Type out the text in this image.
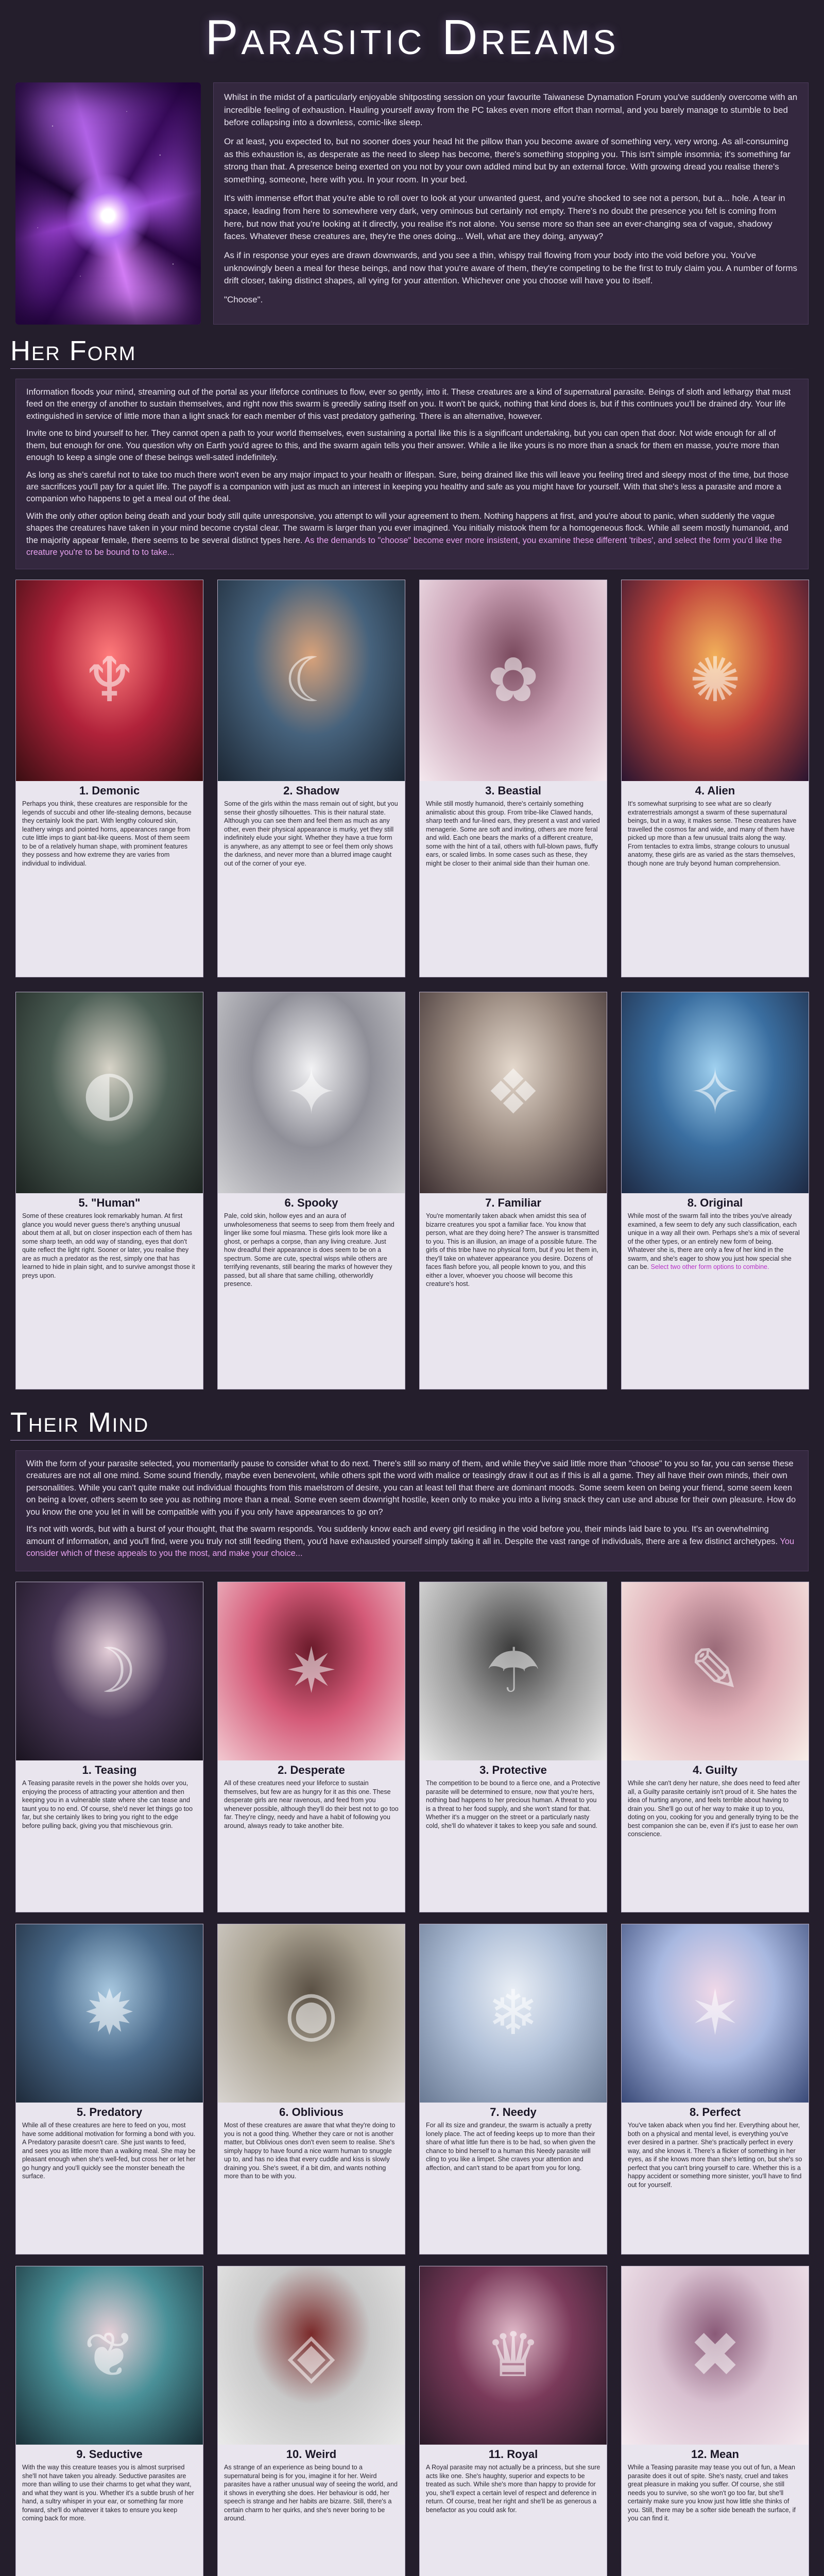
Parasitic Dreams

Whilst in the midst of a particularly enjoyable shitposting session on your favourite Taiwanese Dynamation Forum you've suddenly overcome with an incredible feeling of exhaustion. Hauling yourself away from the PC takes even more effort than normal, and you barely manage to stumble to bed before collapsing into a downless, comic-like sleep.

Or at least, you expected to, but no sooner does your head hit the pillow than you become aware of something very, very wrong. As all-consuming as this exhaustion is, as desperate as the need to sleep has become, there's something stopping you. This isn't simple insomnia; it's something far strong than that. A presence being exerted on you not by your own addled mind but by an external force. With growing dread you realise there's something, someone, here with you. In your room. In your bed.

It's with immense effort that you're able to roll over to look at your unwanted guest, and you're shocked to see not a person, but a... hole. A tear in space, leading from here to somewhere very dark, very ominous but certainly not empty. There's no doubt the presence you felt is coming from here, but now that you're looking at it directly, you realise it's not alone. You sense more so than see an ever-changing sea of vague, shadowy faces. Whatever these creatures are, they're the ones doing... Well, what are they doing, anyway?

As if in response your eyes are drawn downwards, and you see a thin, whispy trail flowing from your body into the void before you. You've unknowingly been a meal for these beings, and now that you're aware of them, they're competing to be the first to truly claim you. A number of forms drift closer, taking distinct shapes, all vying for your attention. Whichever one you choose will have you to itself.

"Choose".

Her Form

Information floods your mind, streaming out of the portal as your lifeforce continues to flow, ever so gently, into it. These creatures are a kind of supernatural parasite. Beings of sloth and lethargy that must feed on the energy of another to sustain themselves, and right now this swarm is greedily sating itself on you. It won't be quick, nothing that kind does is, but if this continues you'll be drained dry. Your life extinguished in service of little more than a light snack for each member of this vast predatory gathering. There is an alternative, however.

Invite one to bind yourself to her. They cannot open a path to your world themselves, even sustaining a portal like this is a significant undertaking, but you can open that door. Not wide enough for all of them, but enough for one. You question why on Earth you'd agree to this, and the swarm again tells you their answer. While a lie like yours is no more than a snack for them en masse, you're more than enough to keep a single one of these beings well-sated indefinitely.

As long as she's careful not to take too much there won't even be any major impact to your health or lifespan. Sure, being drained like this will leave you feeling tired and sleepy most of the time, but those are sacrifices you'll pay for a quiet life. The payoff is a companion with just as much an interest in keeping you healthy and safe as you might have for yourself. With that she's less a parasite and more a companion who happens to get a meal out of the deal.

With the only other option being death and your body still quite unresponsive, you attempt to will your agreement to them. Nothing happens at first, and you're about to panic, when suddenly the vague shapes the creatures have taken in your mind become crystal clear. The swarm is larger than you ever imagined. You initially mistook them for a homogeneous flock. While all seem mostly humanoid, and the majority appear female, there seems to be several distinct types here. As the demands to "choose" become ever more insistent, you examine these different 'tribes', and select the form you'd like the creature you're to be bound to to take...

♆
1. Demonic
Perhaps you think, these creatures are responsible for the legends of succubi and other life-stealing demons, because they certainly look the part. With lengthy coloured skin, leathery wings and pointed horns, appearances range from cute little imps to giant bat-like queens. Most of them seem to be of a relatively human shape, with prominent features they possess and how extreme they are varies from individual to individual.
☾
2. Shadow
Some of the girls within the mass remain out of sight, but you sense their ghostly silhouettes. This is their natural state. Although you can see them and feel them as much as any other, even their physical appearance is murky, yet they still indefinitely elude your sight. Whether they have a true form is anywhere, as any attempt to see or feel them only shows the darkness, and never more than a blurred image caught out of the corner of your eye.
✿
3. Beastial
While still mostly humanoid, there's certainly something animalistic about this group. From tribe-like Clawed hands, sharp teeth and fur-lined ears, they present a vast and varied menagerie. Some are soft and inviting, others are more feral and wild. Each one bears the marks of a different creature, some with the hint of a tail, others with full-blown paws, fluffy ears, or scaled limbs. In some cases such as these, they might be closer to their animal side than their human one.
✺
4. Alien
It's somewhat surprising to see what are so clearly extraterrestrials amongst a swarm of these supernatural beings, but in a way, it makes sense. These creatures have travelled the cosmos far and wide, and many of them have picked up more than a few unusual traits along the way. From tentacles to extra limbs, strange colours to unusual anatomy, these girls are as varied as the stars themselves, though none are truly beyond human comprehension.
◐
5. "Human"
Some of these creatures look remarkably human. At first glance you would never guess there's anything unusual about them at all, but on closer inspection each of them has some sharp teeth, an odd way of standing, eyes that don't quite reflect the light right. Sooner or later, you realise they are as much a predator as the rest, simply one that has learned to hide in plain sight, and to survive amongst those it preys upon.
✦
6. Spooky
Pale, cold skin, hollow eyes and an aura of unwholesomeness that seems to seep from them freely and linger like some foul miasma. These girls look more like a ghost, or perhaps a corpse, than any living creature. Just how dreadful their appearance is does seem to be on a spectrum. Some are cute, spectral wisps while others are terrifying revenants, still bearing the marks of however they passed, but all share that same chilling, otherworldly presence.
❖
7. Familiar
You're momentarily taken aback when amidst this sea of bizarre creatures you spot a familiar face. You know that person, what are they doing here? The answer is transmitted to you. This is an illusion, an image of a possible future. The girls of this tribe have no physical form, but if you let them in, they'll take on whatever appearance you desire. Dozens of faces flash before you, all people known to you, and this either a lover, whoever you choose will become this creature's host.
✧
8. Original
While most of the swarm fall into the tribes you've already examined, a few seem to defy any such classification, each unique in a way all their own. Perhaps she's a mix of several of the other types, or an entirely new form of being. Whatever she is, there are only a few of her kind in the swarm, and she's eager to show you just how special she can be. Select two other form options to combine.
Their Mind

With the form of your parasite selected, you momentarily pause to consider what to do next. There's still so many of them, and while they've said little more than "choose" to you so far, you can sense these creatures are not all one mind. Some sound friendly, maybe even benevolent, while others spit the word with malice or teasingly draw it out as if this is all a game. They all have their own minds, their own personalities. While you can't quite make out individual thoughts from this maelstrom of desire, you can at least tell that there are dominant moods. Some seem keen on being your friend, some seem keen on being a lover, others seem to see you as nothing more than a meal. Some even seem downright hostile, keen only to make you into a living snack they can use and abuse for their own pleasure. How do you know the one you let in will be compatible with you if you only have appearances to go on?

It's not with words, but with a burst of your thought, that the swarm responds. You suddenly know each and every girl residing in the void before you, their minds laid bare to you. It's an overwhelming amount of information, and you'll find, were you truly not still feeding them, you'd have exhausted yourself simply taking it all in. Despite the vast range of individuals, there are a few distinct archetypes. You consider which of these appeals to you the most, and make your choice...

☽
1. Teasing
A Teasing parasite revels in the power she holds over you, enjoying the process of attracting your attention and then keeping you in a vulnerable state where she can tease and taunt you to no end. Of course, she'd never let things go too far, but she certainly likes to bring you right to the edge before pulling back, giving you that mischievous grin.
✷
2. Desperate
All of these creatures need your lifeforce to sustain themselves, but few are as hungry for it as this one. These desperate girls are near ravenous, and feed from you whenever possible, although they'll do their best not to go too far. They're clingy, needy and have a habit of following you around, always ready to take another bite.
☂
3. Protective
The competition to be bound to a fierce one, and a Protective parasite will be determined to ensure, now that you're hers, nothing bad happens to her precious human. A threat to you is a threat to her food supply, and she won't stand for that. Whether it's a mugger on the street or a particularly nasty cold, she'll do whatever it takes to keep you safe and sound.
✎
4. Guilty
While she can't deny her nature, she does need to feed after all, a Guilty parasite certainly isn't proud of it. She hates the idea of hurting anyone, and feels terrible about having to drain you. She'll go out of her way to make it up to you, doting on you, cooking for you and generally trying to be the best companion she can be, even if it's just to ease her own conscience.
✹
5. Predatory
While all of these creatures are here to feed on you, most have some additional motivation for forming a bond with you. A Predatory parasite doesn't care. She just wants to feed, and sees you as little more than a walking meal. She may be pleasant enough when she's well-fed, but cross her or let her go hungry and you'll quickly see the monster beneath the surface.
◉
6. Oblivious
Most of these creatures are aware that what they're doing to you is not a good thing. Whether they care or not is another matter, but Oblivious ones don't even seem to realise. She's simply happy to have found a nice warm human to snuggle up to, and has no idea that every cuddle and kiss is slowly draining you. She's sweet, if a bit dim, and wants nothing more than to be with you.
❄
7. Needy
For all its size and grandeur, the swarm is actually a pretty lonely place. The act of feeding keeps up to more than their share of what little fun there is to be had, so when given the chance to bind herself to a human this Needy parasite will cling to you like a limpet. She craves your attention and affection, and can't stand to be apart from you for long.
✶
8. Perfect
You've taken aback when you find her. Everything about her, both on a physical and mental level, is everything you've ever desired in a partner. She's practically perfect in every way, and she knows it. There's a flicker of something in her eyes, as if she knows more than she's letting on, but she's so perfect that you can't bring yourself to care. Whether this is a happy accident or something more sinister, you'll have to find out for yourself.
❦
9. Seductive
With the way this creature teases you is almost surprised she'll not have taken you already. Seductive parasites are more than willing to use their charms to get what they want, and what they want is you. Whether it's a subtle brush of her hand, a sultry whisper in your ear, or something far more forward, she'll do whatever it takes to ensure you keep coming back for more.
◈
10. Weird
As strange of an experience as being bound to a supernatural being is for you, imagine it for her. Weird parasites have a rather unusual way of seeing the world, and it shows in everything she does. Her behaviour is odd, her speech is strange and her habits are bizarre. Still, there's a certain charm to her quirks, and she's never boring to be around.
♛
11. Royal
A Royal parasite may not actually be a princess, but she sure acts like one. She's haughty, superior and expects to be treated as such. While she's more than happy to provide for you, she'll expect a certain level of respect and deference in return. Of course, treat her right and she'll be as generous a benefactor as you could ask for.
✖
12. Mean
While a Teasing parasite may tease you out of fun, a Mean parasite does it out of spite. She's nasty, cruel and takes great pleasure in making you suffer. Of course, she still needs you to survive, so she won't go too far, but she'll certainly make sure you know just how little she thinks of you. Still, there may be a softer side beneath the surface, if you can find it.
